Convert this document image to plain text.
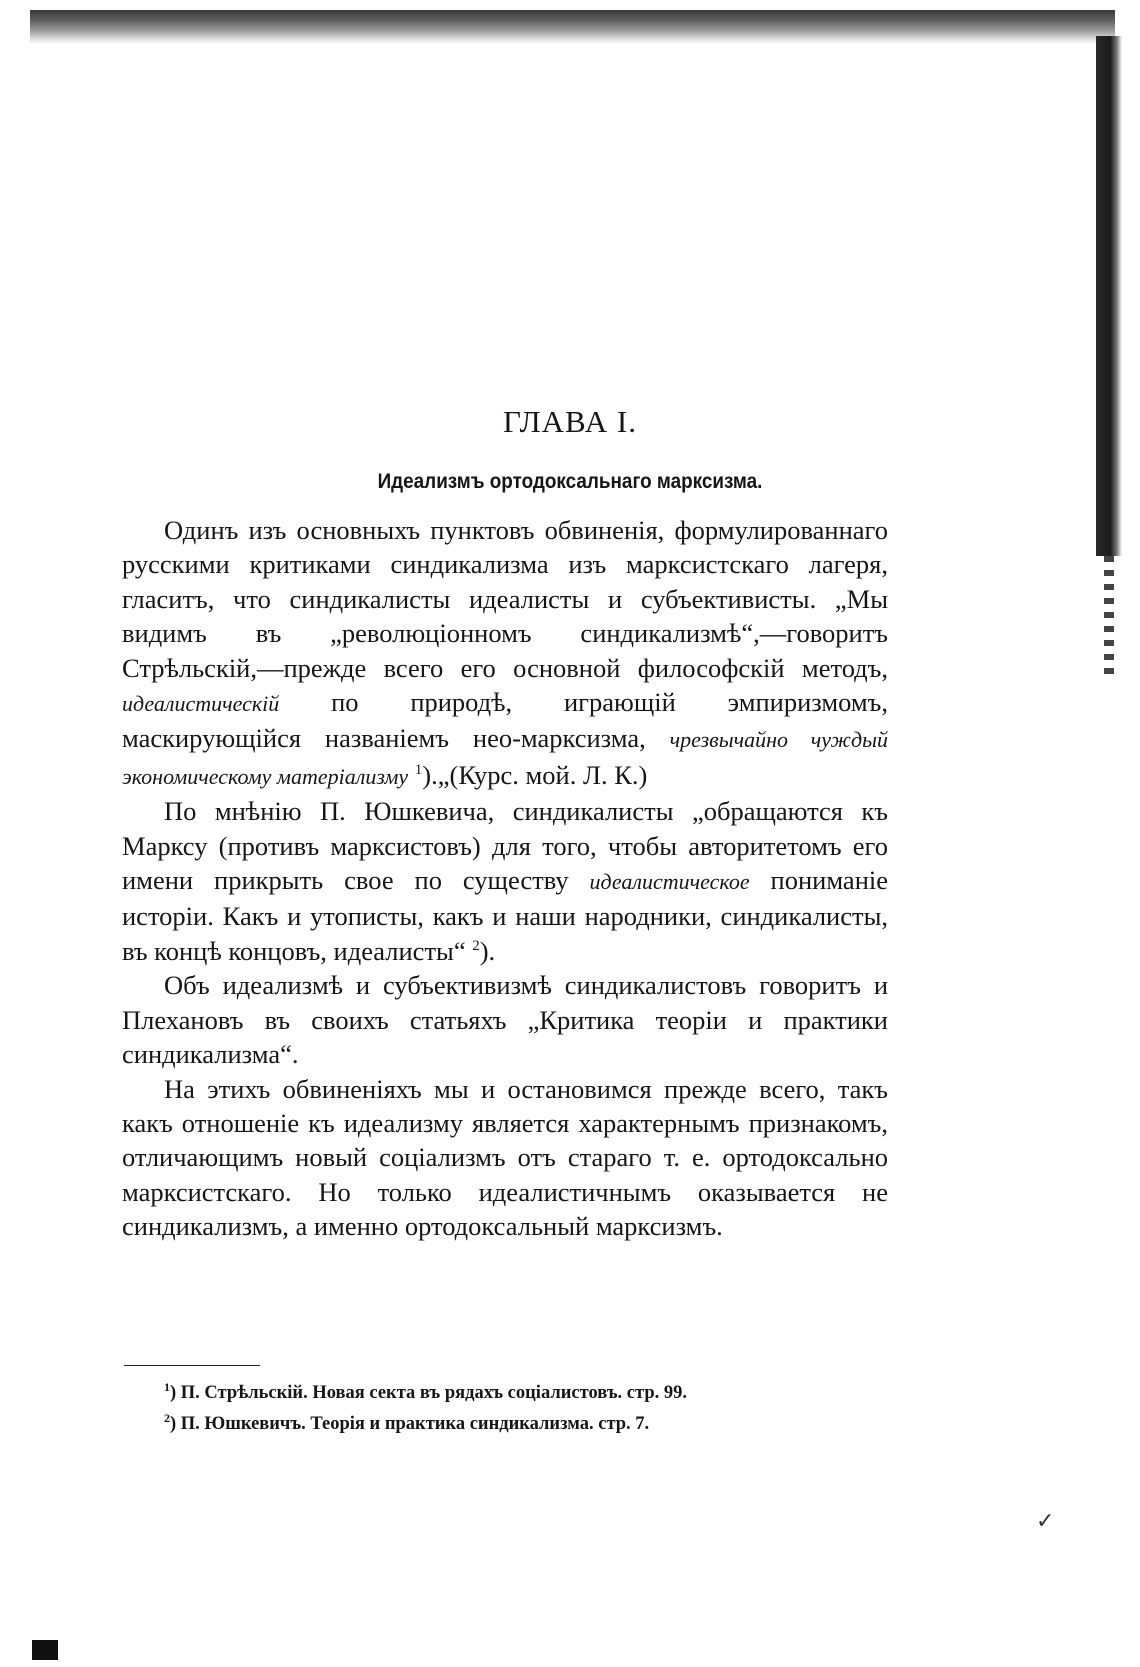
✓
ГЛАВА I.
Идеализмъ ортодоксальнаго марксизма.

Одинъ изъ основныхъ пунктовъ обвиненія, формулированнаго русскими критиками синдикализма изъ марксистскаго лагеря, гласитъ, что синдикалисты идеалисты и субъективисты. „Мы видимъ въ „революціонномъ синдикализмѣ“,—говоритъ Стрѣльскій,—прежде всего его основной философскій методъ, идеалистическій по природѣ, играющій эмпиризмомъ, маскирующійся названіемъ нео-марксизма, чрезвычайно чуждый экономическому матеріализму $^1$).„(Курс. мой. Л. К.)

По мнѣнію П. Юшкевича, синдикалисты „обращаются къ Марксу (противъ марксистовъ) для того, чтобы авторитетомъ его имени прикрыть свое по существу идеалистическое пониманіе исторіи. Какъ и утописты, какъ и наши народники, синдикалисты, въ концѣ концовъ, идеалисты“ $^2$).

Объ идеализмѣ и субъективизмѣ синдикалистовъ говоритъ и Плехановъ въ своихъ статьяхъ „Критика теоріи и практики синдикализма“.

На этихъ обвиненіяхъ мы и остановимся прежде всего, такъ какъ отношеніе къ идеализму является характернымъ признакомъ, отличающимъ новый соціализмъ отъ стараго т. е. ортодоксально марксистскаго. Но только идеалистичнымъ оказывается не синдикализмъ, а именно ортодоксальный марксизмъ.

$^1$) П. Стрѣльскій. Новая секта въ рядахъ соціалистовъ. стр. 99.
$^2$) П. Юшкевичъ. Теорія и практика синдикализма. стр. 7.
